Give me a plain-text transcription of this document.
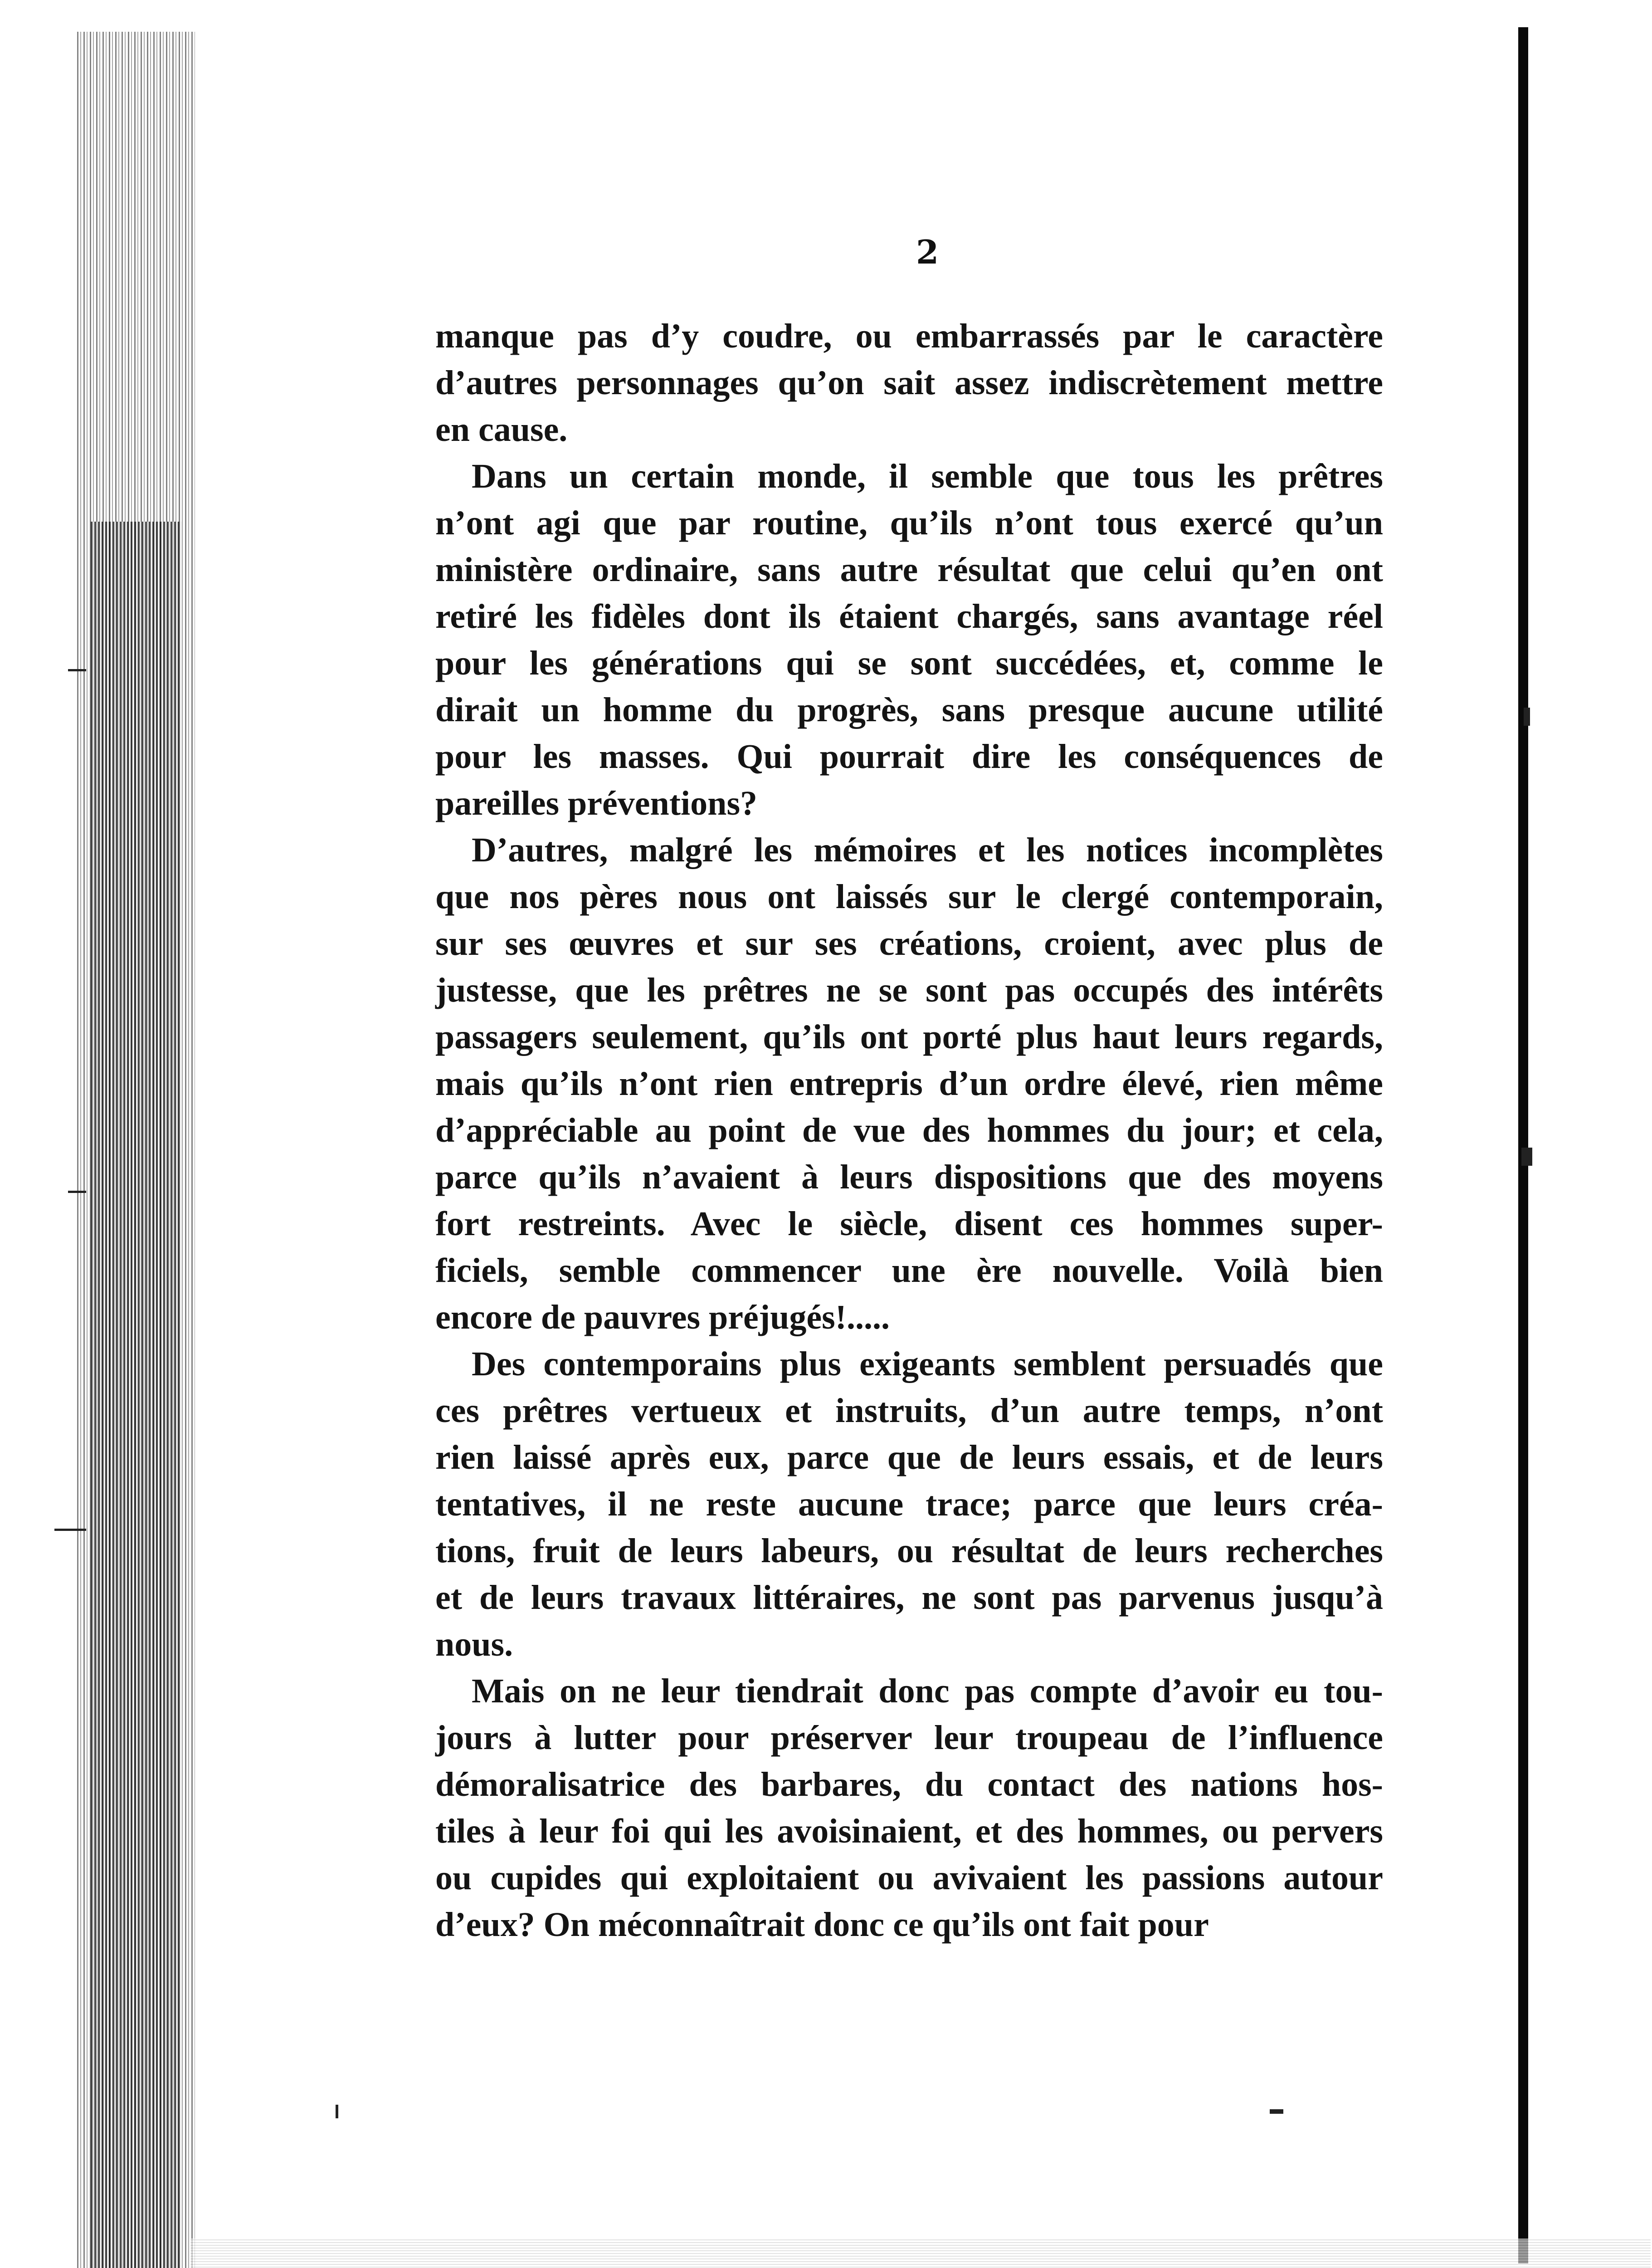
2
manque pas d’y coudre, ou embarrassés par le caractère
d’autres personnages qu’on sait assez indiscrètement mettre
en cause.
Dans un certain monde, il semble que tous les prêtres
n’ont agi que par routine, qu’ils n’ont tous exercé qu’un
ministère ordinaire, sans autre résultat que celui qu’en ont
retiré les fidèles dont ils étaient chargés, sans avantage réel
pour les générations qui se sont succédées, et, comme le
dirait un homme du progrès, sans presque aucune utilité
pour les masses. Qui pourrait dire les conséquences de
pareilles préventions?
D’autres, malgré les mémoires et les notices incomplètes
que nos pères nous ont laissés sur le clergé contemporain,
sur ses œuvres et sur ses créations, croient, avec plus de
justesse, que les prêtres ne se sont pas occupés des intérêts
passagers seulement, qu’ils ont porté plus haut leurs regards,
mais qu’ils n’ont rien entrepris d’un ordre élevé, rien même
d’appréciable au point de vue des hommes du jour; et cela,
parce qu’ils n’avaient à leurs dispositions que des moyens
fort restreints. Avec le siècle, disent ces hommes super-
ficiels, semble commencer une ère nouvelle. Voilà bien
encore de pauvres préjugés!.....
Des contemporains plus exigeants semblent persuadés que
ces prêtres vertueux et instruits, d’un autre temps, n’ont
rien laissé après eux, parce que de leurs essais, et de leurs
tentatives, il ne reste aucune trace; parce que leurs créa-
tions, fruit de leurs labeurs, ou résultat de leurs recherches
et de leurs travaux littéraires, ne sont pas parvenus jusqu’à
nous.
Mais on ne leur tiendrait donc pas compte d’avoir eu tou-
jours à lutter pour préserver leur troupeau de l’influence
démoralisatrice des barbares, du contact des nations hos-
tiles à leur foi qui les avoisinaient, et des hommes, ou pervers
ou cupides qui exploitaient ou avivaient les passions autour
d’eux? On méconnaîtrait donc ce qu’ils ont fait pour
